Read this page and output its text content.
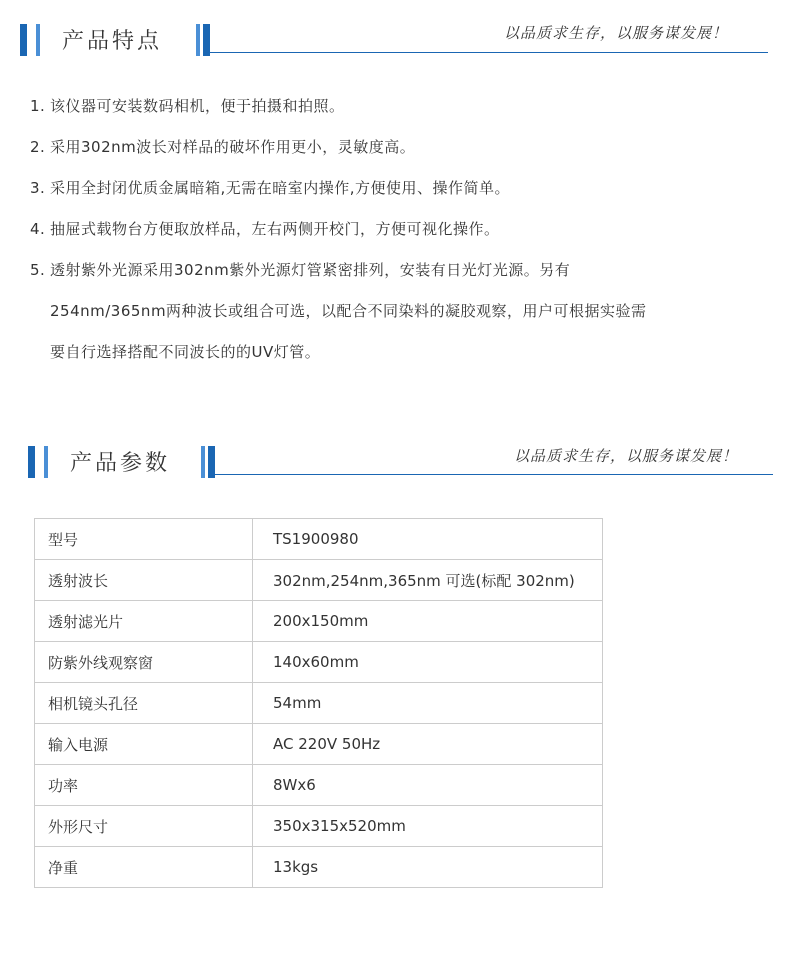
产品特点	以品质求生存，以服务谋发展！
1. 该仪器可安装数码相机，便于拍摄和拍照。
2. 采用302nm波长对样品的破坏作用更小，灵敏度高。
3. 采用全封闭优质金属暗箱,无需在暗室内操作,方便使用、操作简单。
4. 抽屉式载物台方便取放样品，左右两侧开校门，方便可视化操作。
5. 透射紫外光源采用302nm紫外光源灯管紧密排列，安装有日光灯光源。另有
254nm/365nm两种波长或组合可选，以配合不同染料的凝胶观察，用户可根据实验需
要自行选择搭配不同波长的的UV灯管。
产品参数	以品质求生存，以服务谋发展！
型号	TS1900980
透射波长	302nm,254nm,365nm 可选(标配 302nm)
透射滤光片	200x150mm
防紫外线观察窗	140x60mm
相机镜头孔径	54mm
输入电源	AC 220V 50Hz
功率	8Wx6
外形尺寸	350x315x520mm
净重	13kgs
